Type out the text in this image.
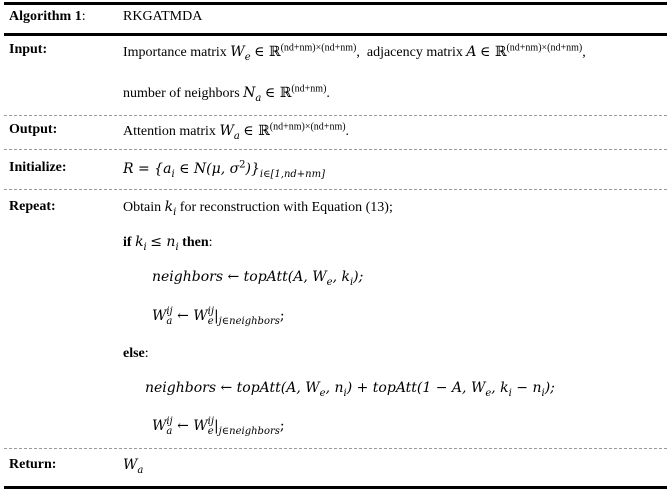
Algorithm 1:	RKGATMDA
Input:	Importance matrix $W_e$ ∈ ℝ$^{(nd+nm)\times(nd+nm)}$, adjacency matrix A ∈ ℝ$^{(nd+nm)\times(nd+nm)}$,
number of neighbors $N_a$ ∈ ℝ$^{(nd+nm)}$.
Output:	Attention matrix $W_a$ ∈ ℝ$^{(nd+nm)\times(nd+nm)}$.
Initialize:	$R = \{a_i$ ∈ N(μ, $\sigma^2)\}_{i\in[1,nd+nm]}$
Repeat:	Obtain $k_i$ for reconstruction with Equation (13);
if $k_i \le n_i$ then:
neighbors ← topAtt(A, $W_e$, $k_i$);
$W_a^{ij}$ ← $W_e^{ij}|_{j\in neighbors}$;
else:
neighbors ← topAtt(A, $W_e$, $n_i$) + topAtt(1 − A, $W_e$, $k_i - n_i$);
$W_a^{ij}$ ← $W_e^{ij}|_{j\in neighbors}$;
Return:	$W_a$
